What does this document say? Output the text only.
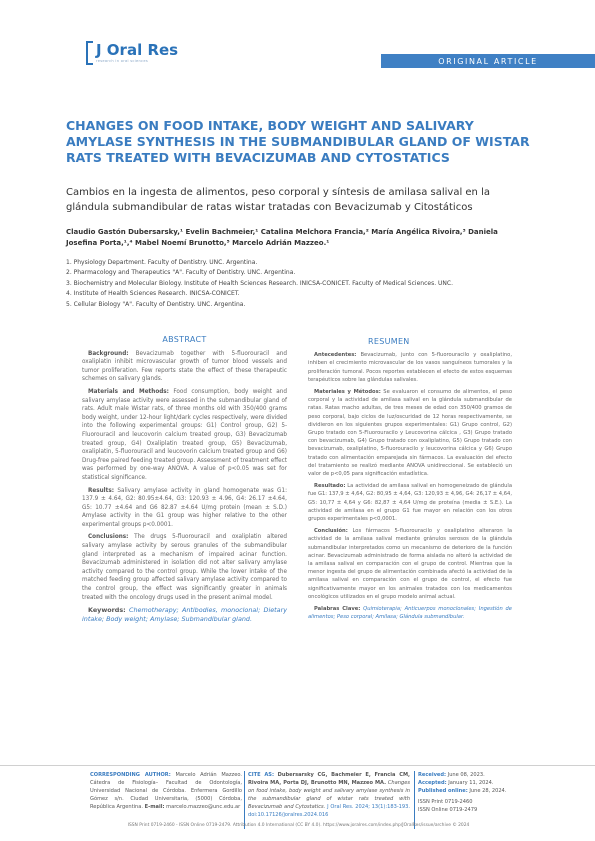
J Oral Res
research in oral sciences	ORIGINAL ARTICLE
CHANGES ON FOOD INTAKE, BODY WEIGHT AND SALIVARY AMYLASE SYNTHESIS IN THE SUBMANDIBULAR GLAND OF WISTAR RATS TREATED WITH BEVACIZUMAB AND CYTOSTATICS
Cambios en la ingesta de alimentos, peso corporal y síntesis de amilasa salival en la glándula submandibular de ratas wistar tratadas con Bevacizumab y Citostáticos
Claudio Gastón Dubersarsky,¹ Evelin Bachmeier,¹ Catalina Melchora Francia,² María Angélica Rivoira,³ Daniela Josefina Porta,¹,⁴ Mabel Noemí Brunotto,⁵ Marcelo Adrián Mazzeo.¹
1. Physiology Department. Faculty of Dentistry. UNC. Argentina.
2. Pharmacology and Therapeutics "A". Faculty of Dentistry. UNC. Argentina.
3. Biochemistry and Molecular Biology. Institute of Health Sciences Research. INICSA-CONICET. Faculty of Medical Sciences. UNC.
4. Institute of Health Sciences Research. INICSA-CONICET.
5. Cellular Biology "A". Faculty of Dentistry. UNC. Argentina.
ABSTRACT

Background: Bevacizumab together with 5-fluorouracil and oxaliplatin inhibit microvascular growth of tumor blood vessels and tumor proliferation. Few reports state the effect of these therapeutic schemes on salivary glands.

Materials and Methods: Food consumption, body weight and salivary amylase activity were assessed in the submandibular gland of rats. Adult male Wistar rats, of three months old with 350/400 grams body weight, under 12-hour light/dark cycles respectively, were divided into the following experimental groups: G1) Control group, G2) 5-Fluorouracil and leucovorin calcium treated group, G3) Bevacizumab treated group, G4) Oxaliplatin treated group, G5) Bevacizumab, oxaliplatin, 5-fluorouracil and leucovorin calcium treated group and G6) Drug-free paired feeding treated group. Assessment of treatment effect was performed by one-way ANOVA. A value of p<0.05 was set for statistical significance.

Results: Salivary amylase activity in gland homogenate was G1: 137.9 ± 4.64, G2: 80.95±4.64, G3: 120.93 ± 4.96, G4: 26.17 ±4.64, G5: 10.77 ±4.64 and G6 82.87 ±4.64 U/mg protein (mean ± S.D.) Amylase activity in the G1 group was higher relative to the other experimental groups p<0.0001.

Conclusions: The drugs 5-fluorouracil and oxaliplatin altered salivary amylase activity by serous granules of the submandibular gland interpreted as a mechanism of impaired acinar function. Bevacizumab administered in isolation did not alter salivary amylase activity compared to the control group. While the lower intake of the matched feeding group affected salivary amylase activity compared to the control group, the effect was significantly greater in animals treated with the oncology drugs used in the present animal model.

Keywords: Chemotherapy; Antibodies, monoclonal; Dietary intake; Body weight; Amylase; Submandibular gland.

RESUMEN

Antecedentes: Bevacizumab, junto con 5-fluorouracilo y oxaliplatino, inhiben el crecimiento microvascular de los vasos sanguíneos tumorales y la proliferación tumoral. Pocos reportes establecen el efecto de estos esquemas terapéuticos sobre las glándulas salivales.

Materiales y Métodos: Se evaluaron el consumo de alimentos, el peso corporal y la actividad de amilasa salival en la glándula submandibular de ratas. Ratas macho adultas, de tres meses de edad con 350/400 gramos de peso corporal, bajo ciclos de luz/oscuridad de 12 horas respectivamente, se dividieron en los siguientes grupos experimentales: G1) Grupo control, G2) Grupo tratado con 5-Fluorouracilo y Leucovorina cálcica , G3) Grupo tratado con bevacizumab, G4) Grupo tratado con oxaliplatino, G5) Grupo tratado con bevacizumab, oxaliplatino, 5-fluorouracilo y leucovorina cálcica y G6) Grupo tratado con alimentación emparejada sin fármacos. La evaluación del efecto del tratamiento se realizó mediante ANOVA unidireccional. Se estableció un valor de p<0,05 para significación estadística.

Resultado: La actividad de amilasa salival en homogeneizado de glándula fue G1: 137,9 ± 4,64, G2: 80,95 ± 4,64, G3: 120,93 ± 4,96, G4: 26,17 ± 4,64, G5: 10,77 ± 4,64 y G6: 82,87 ± 4,64 U/mg de proteína (media ± S.E.). La actividad de amilasa en el grupo G1 fue mayor en relación con los otros grupos experimentales p<0,0001.

Conclusión: Los fármacos 5-fluorouracilo y oxaliplatino alteraron la actividad de la amilasa salival mediante gránulos serosos de la glándula submandibular interpretados como un mecanismo de deterioro de la función acinar. Bevacizumab administrado de forma aislada no alteró la actividad de la amilasa salival en comparación con el grupo de control. Mientras que la menor ingesta del grupo de alimentación combinada afectó la actividad de la amilasa salival en comparación con el grupo de control, el efecto fue significativamente mayor en los animales tratados con los medicamentos oncológicos utilizados en el grupo modelo animal actual.

Palabras Clave: Quimioterapia; Anticuerpos monoclonales; Ingestión de alimentos; Peso corporal; Amilasa; Glándula submandibular.

CORRESPONDING AUTHOR: Marcelo Adrián Mazzeo. Cátedra de Fisiología– Facultad de Odontología, Universidad Nacional de Córdoba. Enfermera Gordillo Gómez s/n. Ciudad Universitaria, (5000) Córdoba, República Argentina. E-mail: marcelo.mazzeo@unc.edu.ar
CITE AS: Dubersarsky CG, Bachmeier E, Francia CM, Rivoira MA, Porta DJ, Brunotto MN, Mazzeo MA. Changes on food intake, body weight and salivary amylase synthesis in the submandibular gland of wistar rats treated with Bevacizumab and Cytostatics. J Oral Res. 2024; 13(1):183-193. doi:10.17126/joralres.2024.016
Received: June 08, 2023.
Accepted: January 11, 2024.
Published online: June 28, 2024.
ISSN Print 0719-2460
ISSN Online 0719-2479
ISSN Print 0719-2460 - ISSN Online 0719-2479. Attribution 4.0 International (CC BY 4.0). https://www.joralres.com/index.php/JOralRes/issue/archive © 2024
